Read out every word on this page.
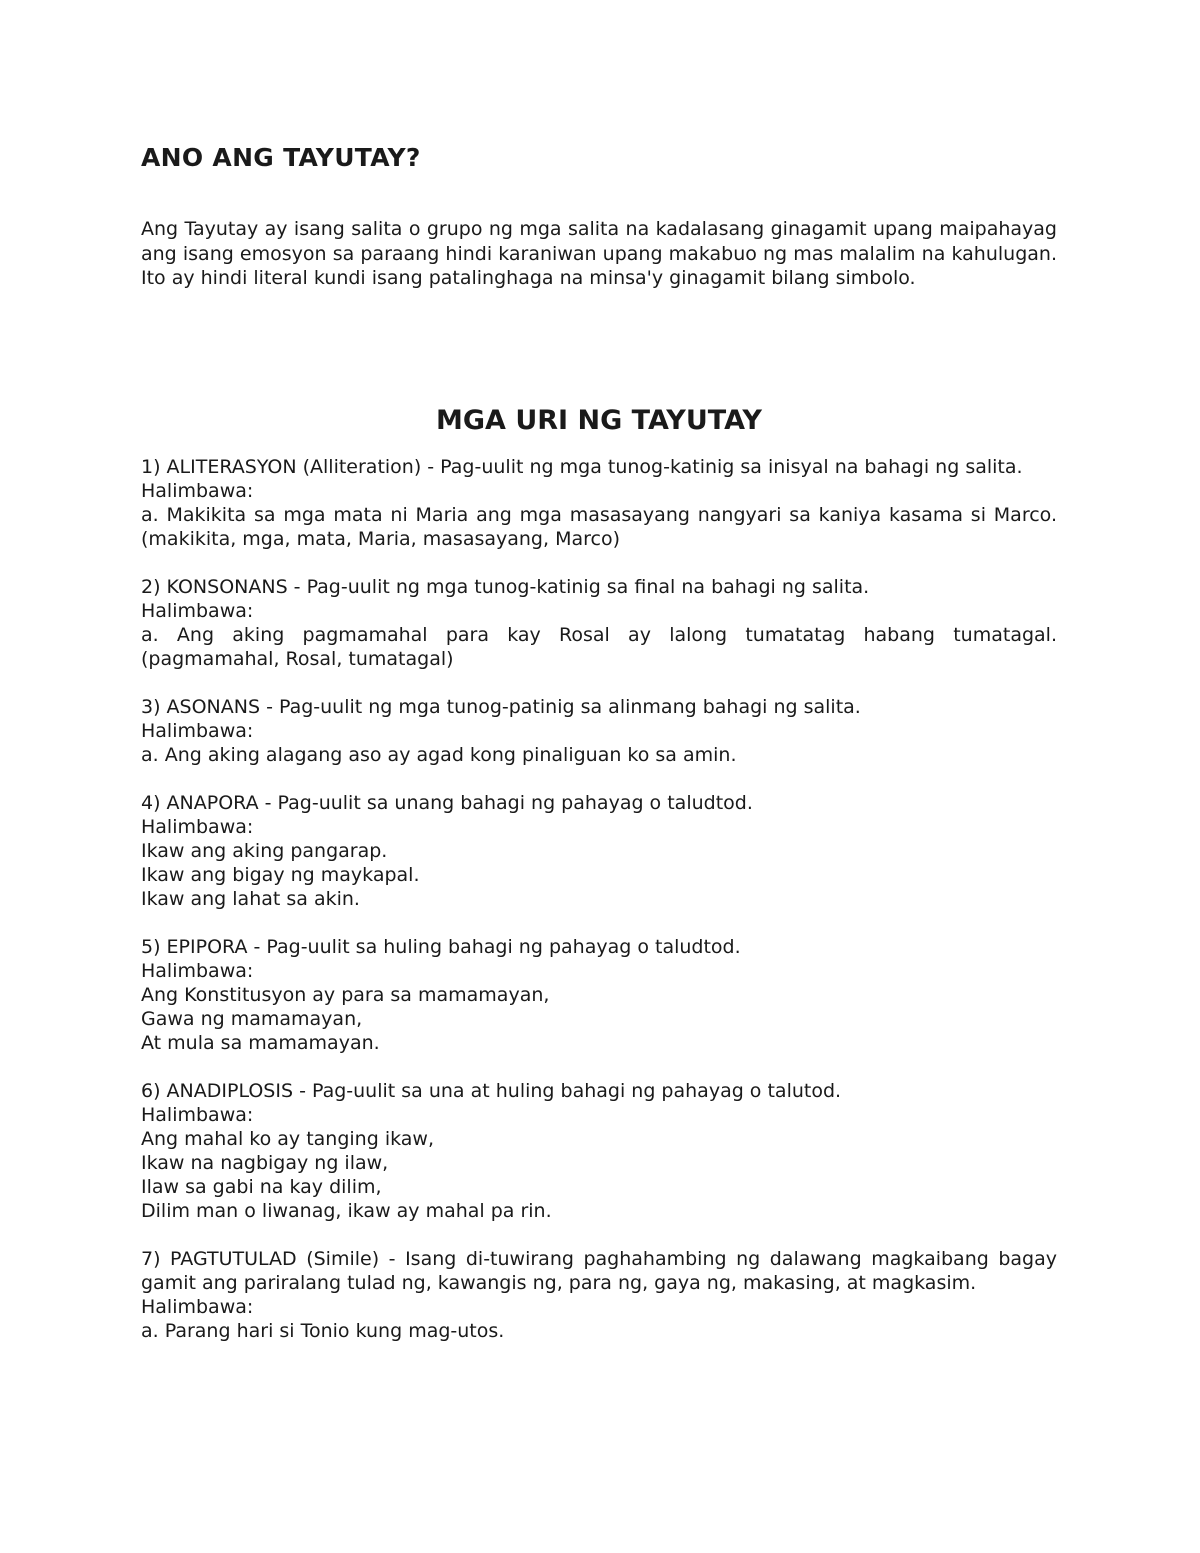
ANO ANG TAYUTAY?

Ang Tayutay ay isang salita o grupo ng mga salita na kadalasang ginagamit upang maipahayag ang isang emosyon sa paraang hindi karaniwan upang makabuo ng mas malalim na kahulugan. Ito ay hindi literal kundi isang patalinghaga na minsa'y ginagamit bilang simbolo.

MGA URI NG TAYUTAY

1) ALITERASYON (Alliteration) - Pag-uulit ng mga tunog-katinig sa inisyal na bahagi ng salita.

Halimbawa:

a. Makikita sa mga mata ni Maria ang mga masasayang nangyari sa kaniya kasama si Marco. (makikita, mga, mata, Maria, masasayang, Marco)

2) KONSONANS - Pag-uulit ng mga tunog-katinig sa final na bahagi ng salita.

Halimbawa:

a. Ang aking pagmamahal para kay Rosal ay lalong tumatatag habang tumatagal. (pagmamahal, Rosal, tumatagal)

3) ASONANS - Pag-uulit ng mga tunog-patinig sa alinmang bahagi ng salita.

Halimbawa:

a. Ang aking alagang aso ay agad kong pinaliguan ko sa amin.

4) ANAPORA - Pag-uulit sa unang bahagi ng pahayag o taludtod.

Halimbawa:

Ikaw ang aking pangarap.

Ikaw ang bigay ng maykapal.

Ikaw ang lahat sa akin.

5) EPIPORA - Pag-uulit sa huling bahagi ng pahayag o taludtod.

Halimbawa:

Ang Konstitusyon ay para sa mamamayan,

Gawa ng mamamayan,

At mula sa mamamayan.

6) ANADIPLOSIS - Pag-uulit sa una at huling bahagi ng pahayag o talutod.

Halimbawa:

Ang mahal ko ay tanging ikaw,

Ikaw na nagbigay ng ilaw,

Ilaw sa gabi na kay dilim,

Dilim man o liwanag, ikaw ay mahal pa rin.

7) PAGTUTULAD (Simile) - Isang di-tuwirang paghahambing ng dalawang magkaibang bagay gamit ang pariralang tulad ng, kawangis ng, para ng, gaya ng, makasing, at magkasim.

Halimbawa:

a. Parang hari si Tonio kung mag-utos.
